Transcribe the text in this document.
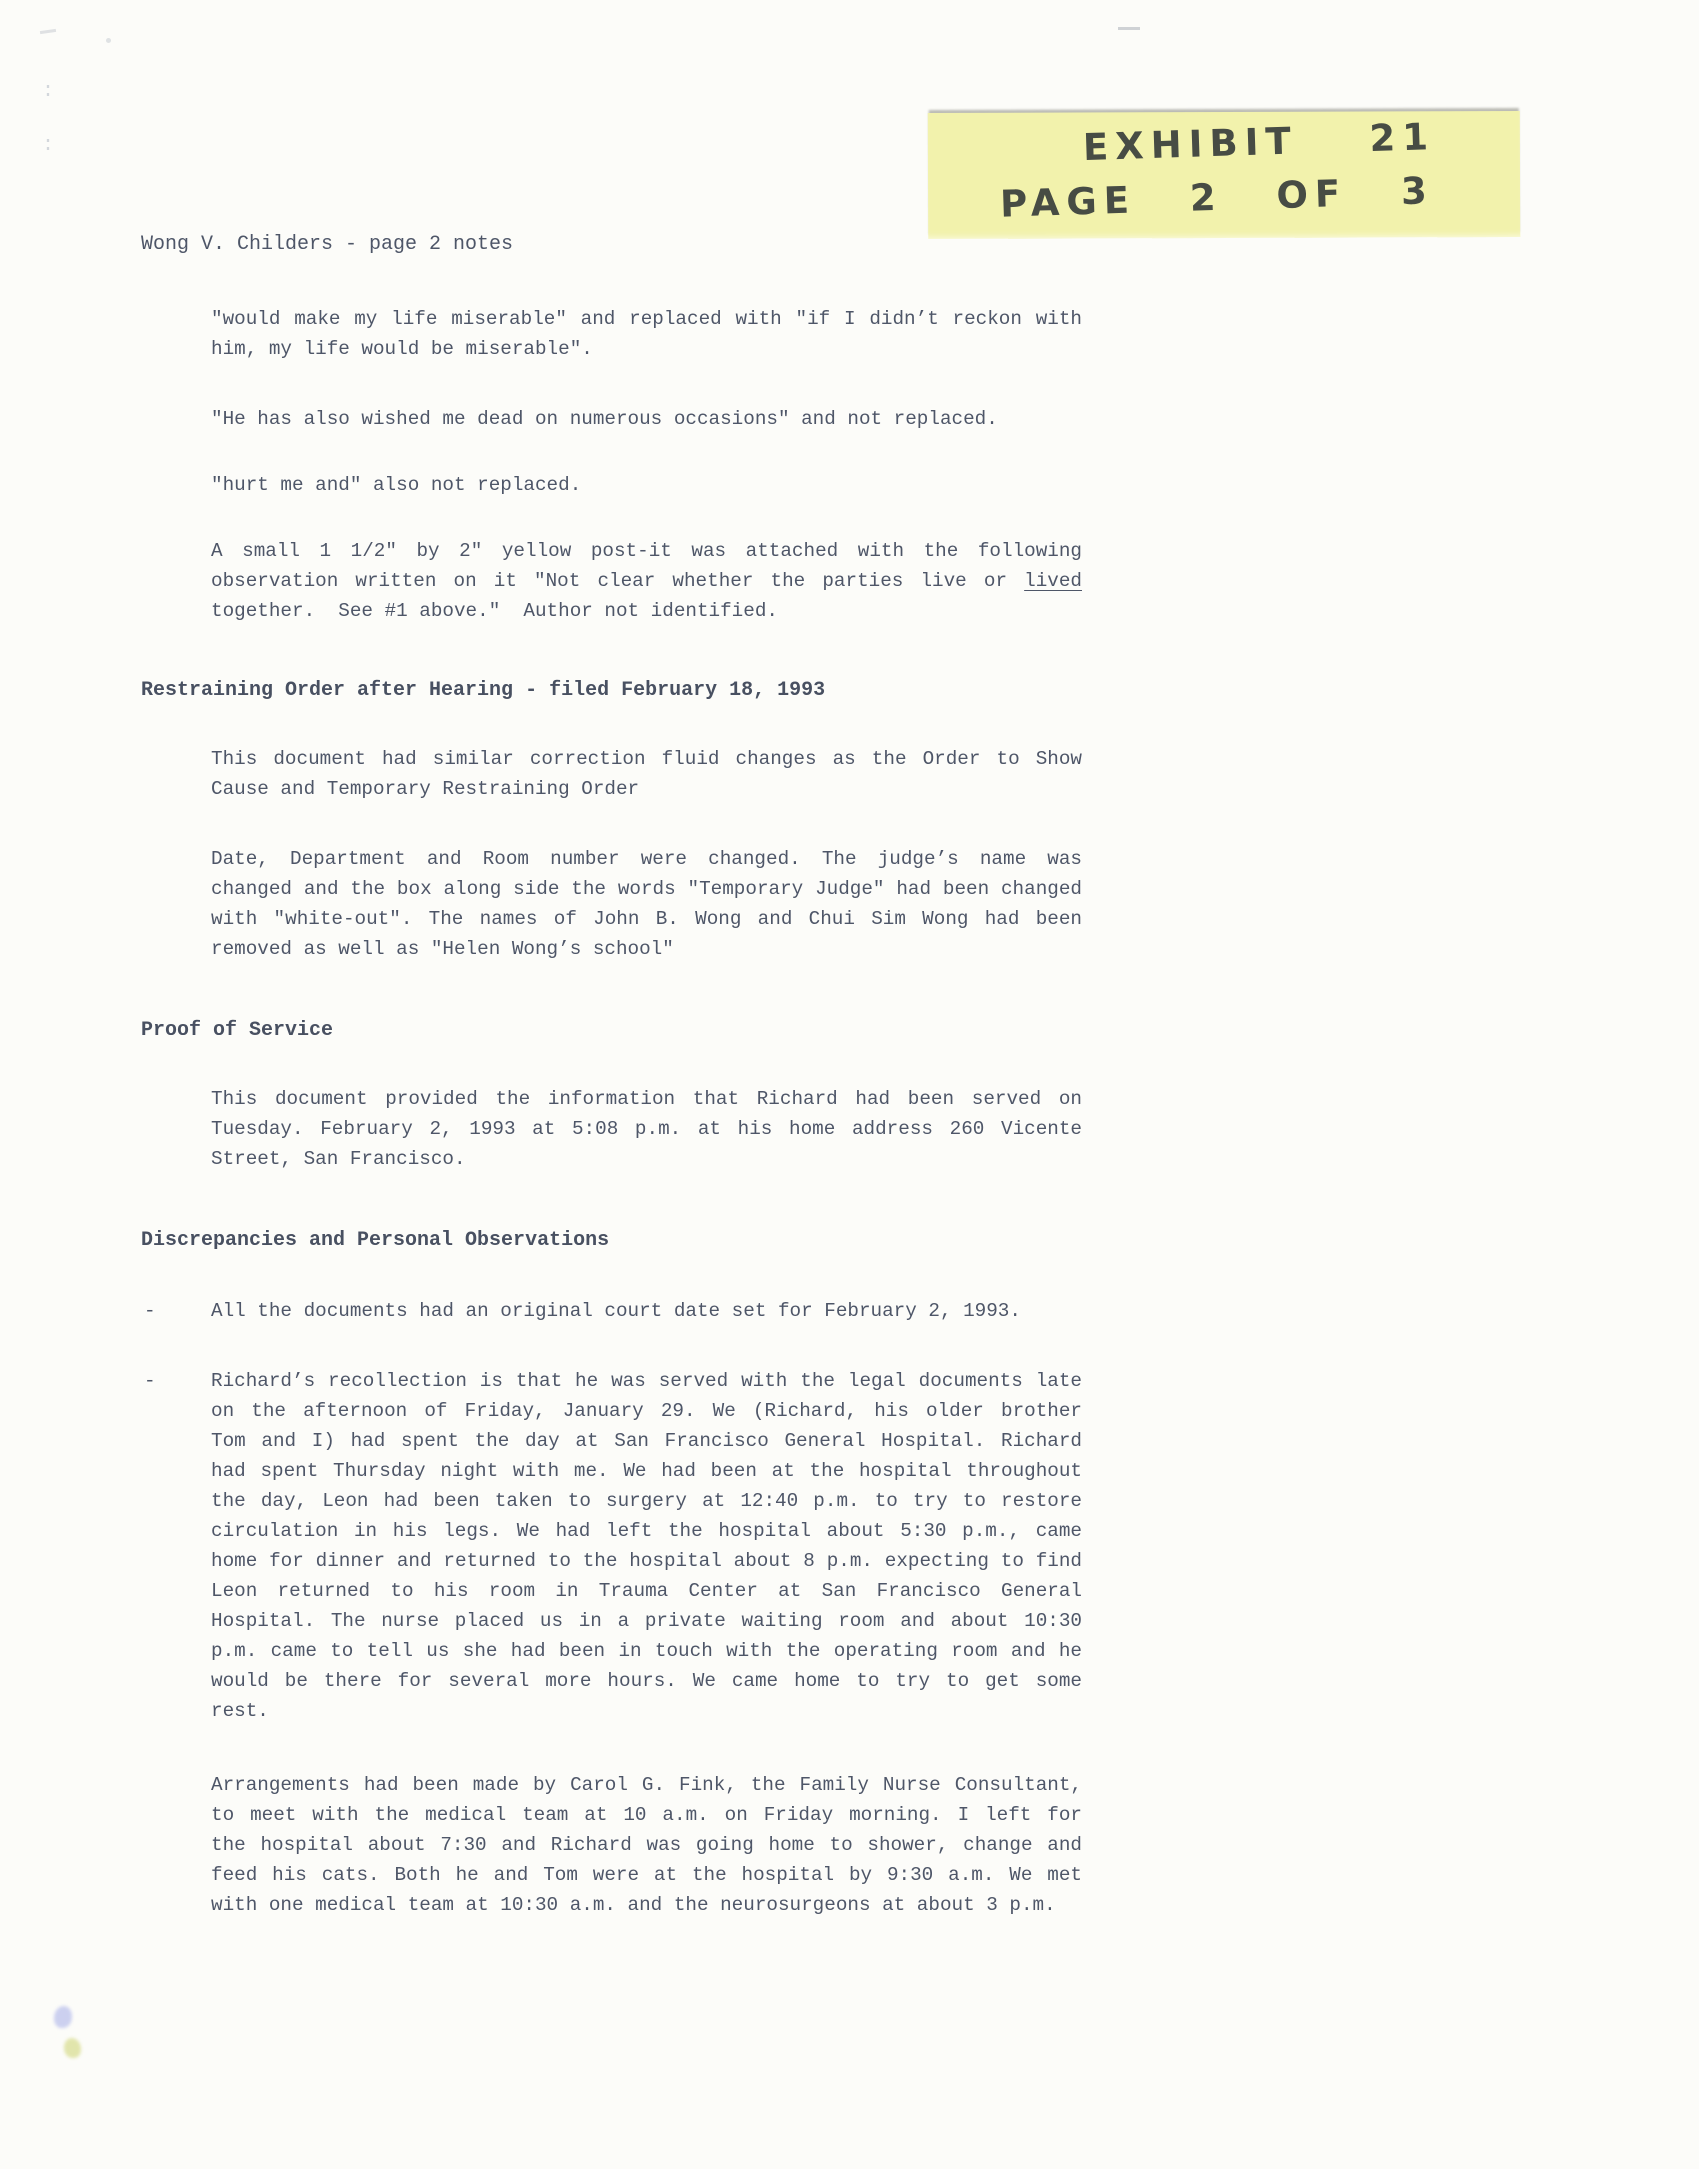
EXHIBIT 21
PAGE 2 OF 3
Wong V. Childers - page 2 notes
"would make my life miserable" and replaced with "if I didn’t reckon with
him, my life would be miserable".
"He has also wished me dead on numerous occasions" and not replaced.
"hurt me and" also not replaced.
A small 1 1/2" by 2" yellow post-it was attached with the following
observation written on it "Not clear whether the parties live or lived
together.  See #1 above."  Author not identified.
Restraining Order after Hearing - filed February 18, 1993
This document had similar correction fluid changes as the Order to Show
Cause and Temporary Restraining Order
Date, Department and Room number were changed. The judge’s name was
changed and the box along side the words "Temporary Judge" had been changed
with "white-out". The names of John B. Wong and Chui Sim Wong had been
removed as well as "Helen Wong’s school"
Proof of Service
This document provided the information that Richard had been served on
Tuesday. February 2, 1993 at 5:08 p.m. at his home address 260 Vicente
Street, San Francisco.
Discrepancies and Personal Observations
-	All the documents had an original court date set for February 2, 1993.
-	Richard’s recollection is that he was served with the legal documents late
on the afternoon of Friday, January 29. We (Richard, his older brother
Tom and I) had spent the day at San Francisco General Hospital. Richard
had spent Thursday night with me. We had been at the hospital throughout
the day, Leon had been taken to surgery at 12:40 p.m. to try to restore
circulation in his legs. We had left the hospital about 5:30 p.m., came
home for dinner and returned to the hospital about 8 p.m. expecting to find
Leon returned to his room in Trauma Center at San Francisco General
Hospital. The nurse placed us in a private waiting room and about 10:30
p.m. came to tell us she had been in touch with the operating room and he
would be there for several more hours. We came home to try to get some
rest.
Arrangements had been made by Carol G. Fink, the Family Nurse Consultant,
to meet with the medical team at 10 a.m. on Friday morning. I left for
the hospital about 7:30 and Richard was going home to shower, change and
feed his cats. Both he and Tom were at the hospital by 9:30 a.m. We met
with one medical team at 10:30 a.m. and the neurosurgeons at about 3 p.m.
:
:
